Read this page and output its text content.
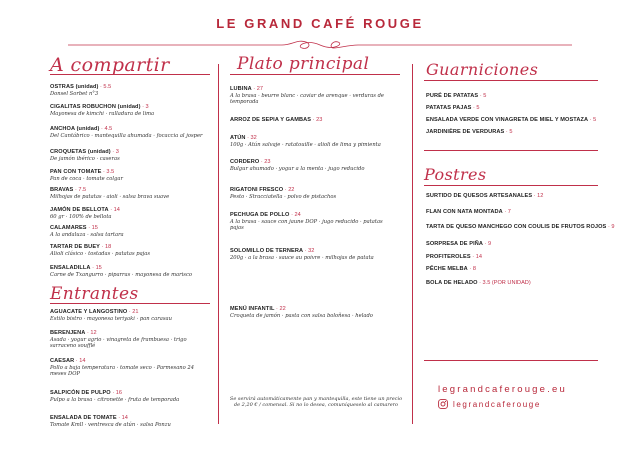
LE GRAND CAFÉ ROUGE
A compartir
OSTRAS (unidad) · 5.5
Donsel Sorbet n°3
CIGALITAS ROBUCHON (unidad) · 3
Mayonesa de kimchi · ralladura de lima
ANCHOA (unidad) · 4.5
Del Cantábrico · mantequilla ahumada · focaccia al josper
CROQUETAS (unidad) · 3
De jamón ibérico · caseras
PAN CON TOMATE · 3.5
Pan de coca · tomate colgar
BRAVAS · 7.5
Milhojas de patatas · aioli · salsa brava suave
JAMÓN DE BELLOTA · 14
60 gr · 100% de bellota
CALAMARES · 15
A la andaluza · salsa tartara
TARTAR DE BUEY · 18
Alioli clásico · tostadas · patatas pajas
ENSALADILLA · 15
Carne de Txangurro · piparras · mayonesa de marisco
Entrantes
AGUACATE Y LANGOSTINO · 21
Estilo bistro · mayonesa teriyaki · pan carasau
BERENJENA · 12
Asada · yogur agrio · vinagreta de frambuesa · trigo sarraceno soufflé
CAESAR · 14
Pollo a baja temperatura · tomate seco · Parmesano 24 meses DOP
SALPICÓN DE PULPO · 16
Pulpo a la brasa · citronette · fruta de temporada
ENSALADA DE TOMATE · 14
Tomate Kmll · ventresca de atún · salsa Ponzu
Plato principal
LUBINA · 27
A la brasa · beurre blanc · caviar de arenque · verduras de temporada
ARROZ DE SEPIA Y GAMBAS · 23
ATÚN · 32
100g · Atún salvaje · ratatouille · alioli de lima y pimienta
CORDERO · 23
Bulgur ahumado · yogur a la menta · jugo reducido
RIGATONI FRESCO · 22
Pesto · Stracciatella · polvo de pistachos
PECHUGA DE POLLO · 24
A la brasa · sauce con jaune DOP · jugo reducido · patatas pajas
SOLOMILLO DE TERNERA · 32
200g · a la brasa · sauce au poivre · milhojas de patata
MENÚ INFANTIL · 22
Croqueta de jamón · pasta con salsa boloñesa · helado
Se servirá automáticamente pan y mantequilla, este tiene un precio de 2,20 € / comensal. Si no lo desea, comuníqueselo al camarero
Guarniciones
PURÉ DE PATATAS · 5
PATATAS PAJAS · 5
ENSALADA VERDE CON VINAGRETA DE MIEL Y MOSTAZA · 5
JARDINIÈRE DE VERDURAS · 5
Postres
SURTIDO DE QUESOS ARTESANALES · 12
FLAN CON NATA MONTADA · 7
TARTA DE QUESO MANCHEGO CON COULIS DE FRUTOS ROJOS · 9
SORPRESA DE PIÑA · 9
PROFITEROLES · 14
PÊCHE MELBA · 8
BOLA DE HELADO · 3.5 (POR UNIDAD)
legrandcaferouge.eu
legrandcaferouge
